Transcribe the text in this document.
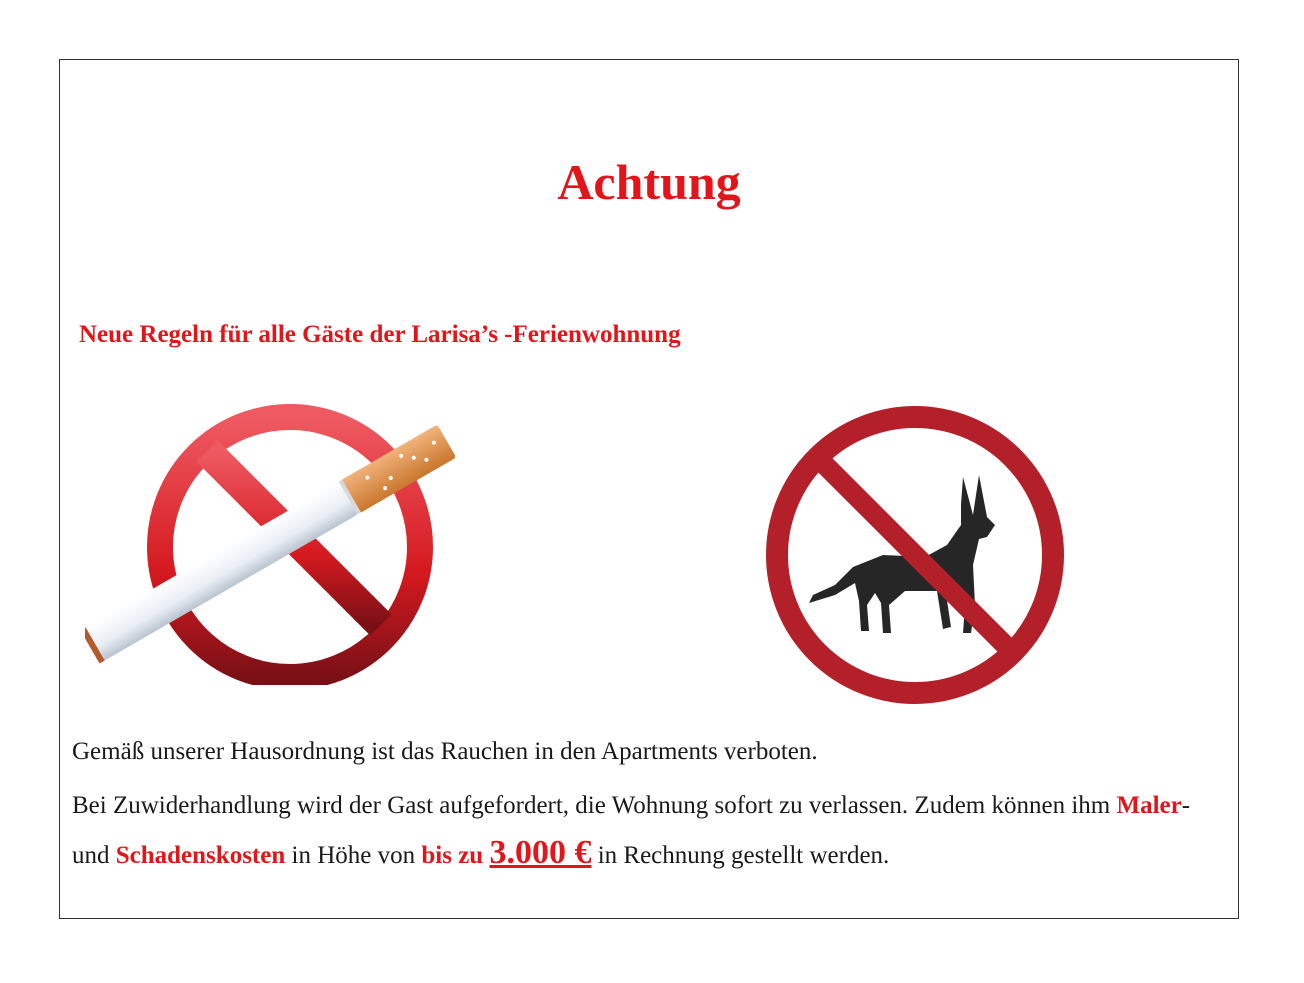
Achtung
Neue Regeln für alle Gäste der Larisa’s -Ferienwohnung

Gemäß unserer Hausordnung ist das Rauchen in den Apartments verboten.

Bei Zuwiderhandlung wird der Gast aufgefordert, die Wohnung sofort zu verlassen. Zudem können ihm Maler- und Schadenskosten in Höhe von bis zu 3.000 € in Rechnung gestellt werden.
